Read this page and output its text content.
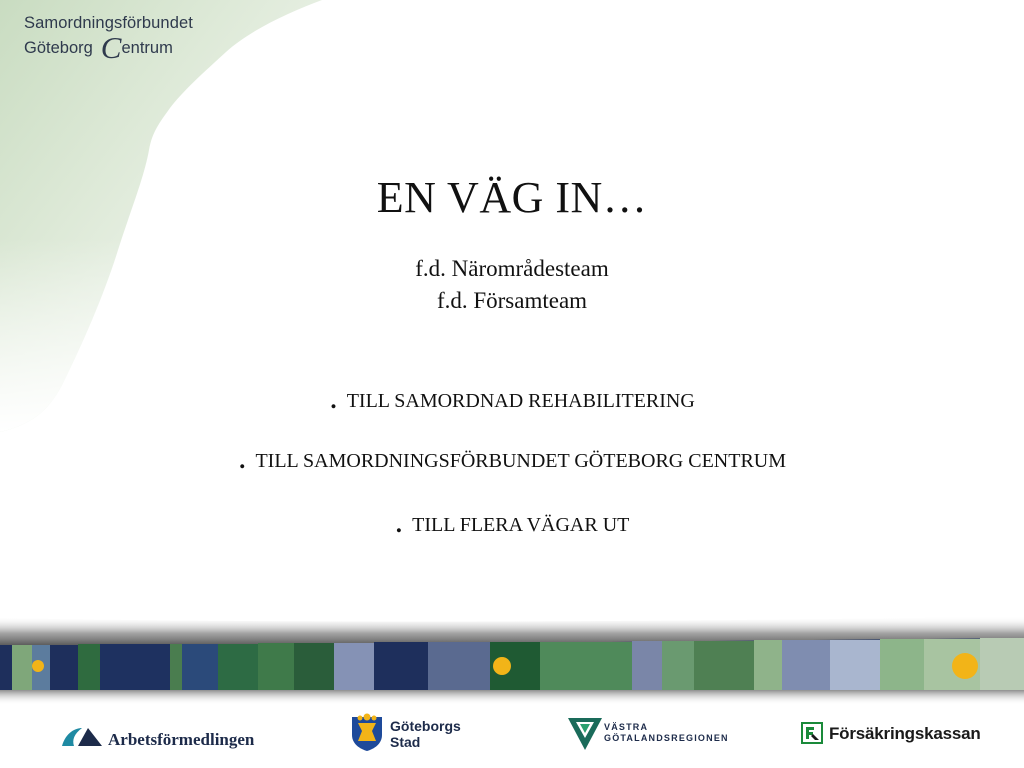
Samordningsförbundet
Göteborg Centrum
EN VÄG IN…
f.d. Närområdesteam
f.d. Församteam
. TILL SAMORDNAD REHABILITERING
. TILL SAMORDNINGSFÖRBUNDET GÖTEBORG CENTRUM
. TILL FLERA VÄGAR UT
Arbetsförmedlingen
Göteborgs
Stad
VÄSTRA
GÖTALANDSREGIONEN	Försäkringskassan
